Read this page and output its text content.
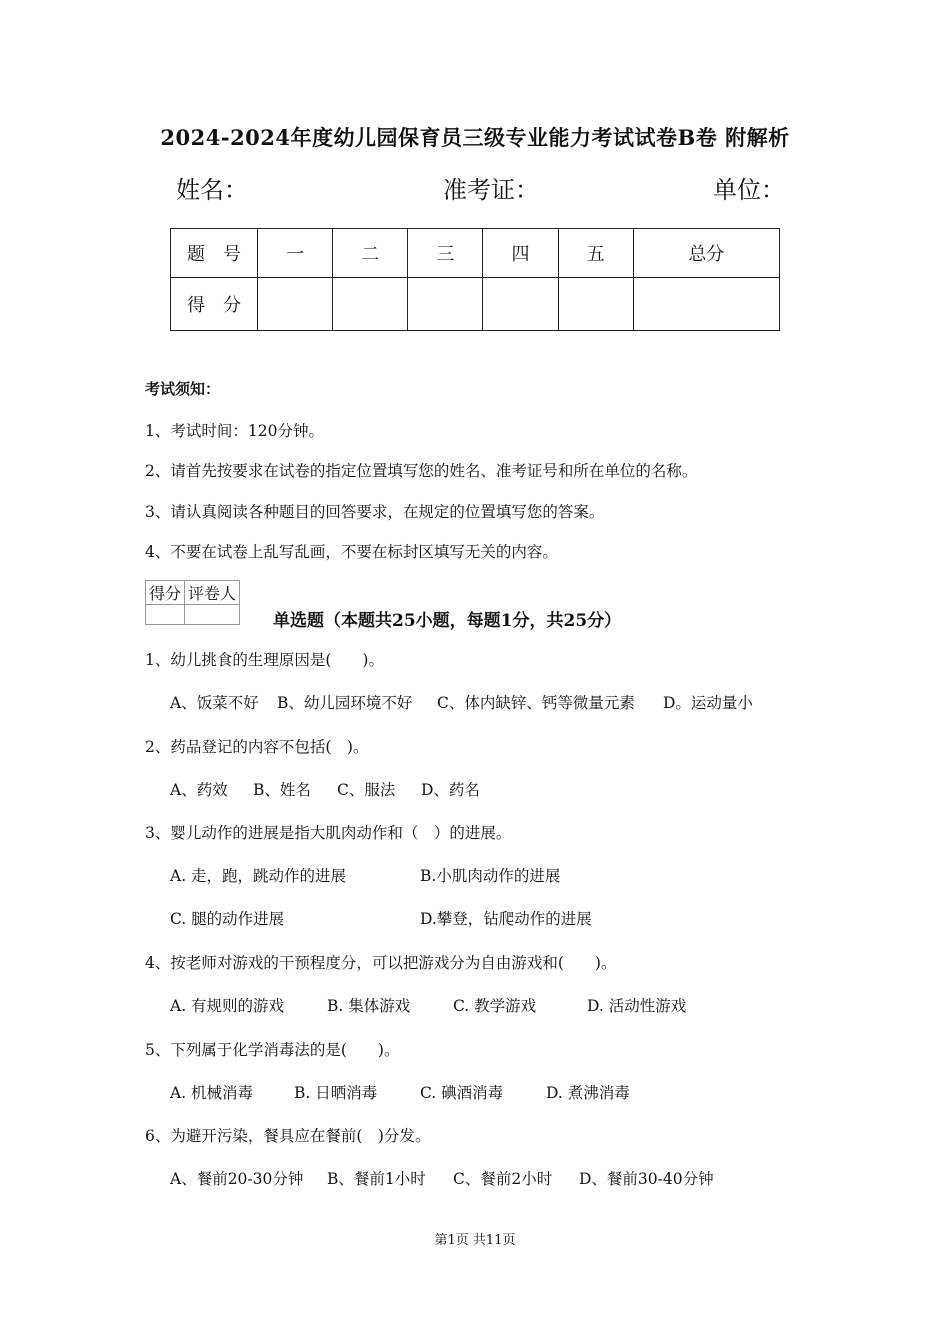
2024-2024年度幼儿园保育员三级专业能力考试试卷B卷 附解析
姓名：	准考证：	单位：
题　号	一	二	三	四	五	总分
得　分						
考试须知：
1、考试时间：120分钟。
2、请首先按要求在试卷的指定位置填写您的姓名、准考证号和所在单位的名称。
3、请认真阅读各种题目的回答要求，在规定的位置填写您的答案。
4、不要在试卷上乱写乱画，不要在标封区填写无关的内容。
得分	评卷人

单选题（本题共25小题，每题1分，共25分）
1、幼儿挑食的生理原因是(　　)。
A、饭菜不好 B、幼儿园环境不好 C、体内缺锌、钙等微量元素 D。运动量小
2、药品登记的内容不包括(　)。
A、药效 B、姓名 C、服法 D、药名
3、婴儿动作的进展是指大肌肉动作和（　）的进展。
A. 走，跑，跳动作的进展	B.小肌肉动作的进展
C. 腿的动作进展	D.攀登，钻爬动作的进展
4、按老师对游戏的干预程度分，可以把游戏分为自由游戏和(　　)。
A. 有规则的游戏	B. 集体游戏	C. 教学游戏	D. 活动性游戏
5、下列属于化学消毒法的是(　　)。
A. 机械消毒	B. 日晒消毒	C. 碘酒消毒	D. 煮沸消毒
6、为避开污染，餐具应在餐前(　)分发。
A、餐前20-30分钟 B、餐前1小时 C、餐前2小时 D、餐前30-40分钟
第1页 共11页
